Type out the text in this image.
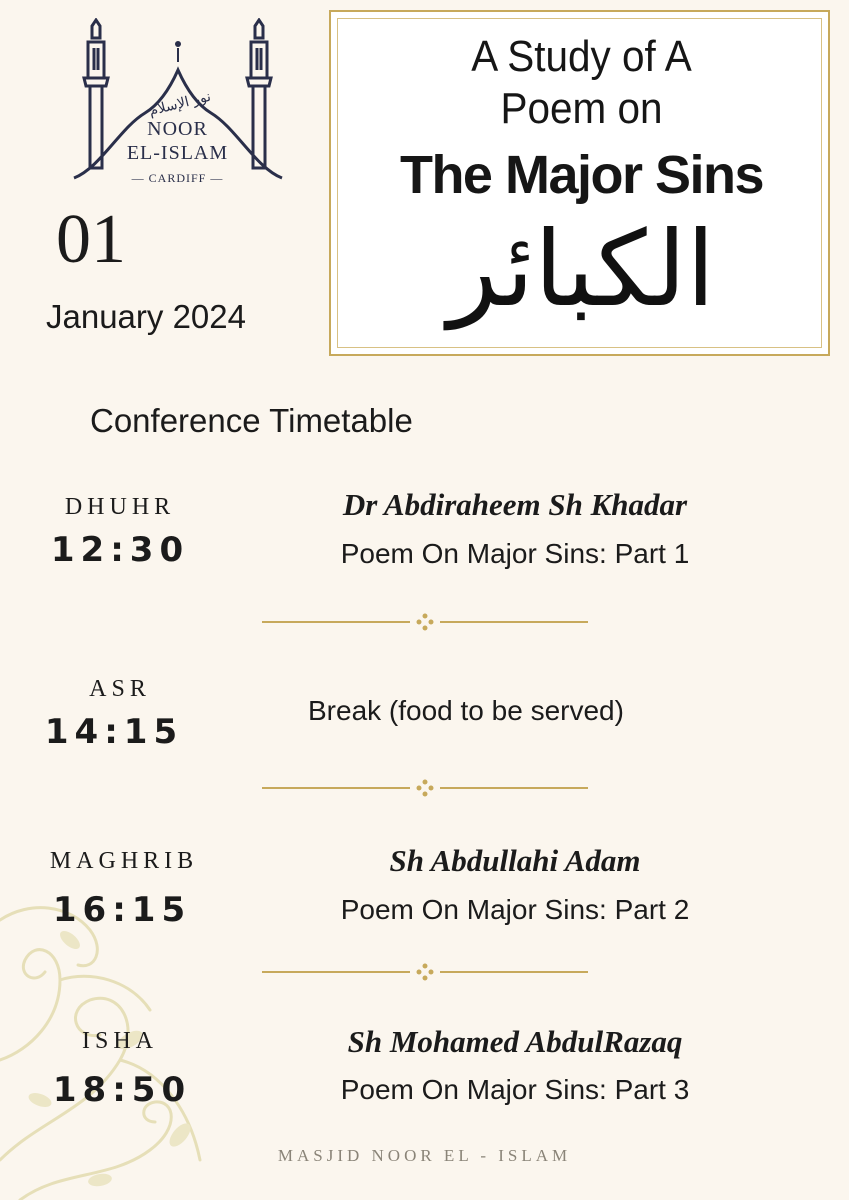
نور الإسلام
NOOR
EL-ISLAM
— CARDIFF —
01
January 2024
A Study of A
Poem on
The Major Sins
الكبائر
Conference Timetable
DHUHR
12:30
Dr Abdiraheem Sh Khadar
Poem On Major Sins: Part 1
ASR
14:15
Break (food to be served)
MAGHRIB
16:15
Sh Abdullahi Adam
Poem On Major Sins: Part 2
ISHA
18:50
Sh Mohamed AbdulRazaq
Poem On Major Sins: Part 3
MASJID NOOR EL - ISLAM
